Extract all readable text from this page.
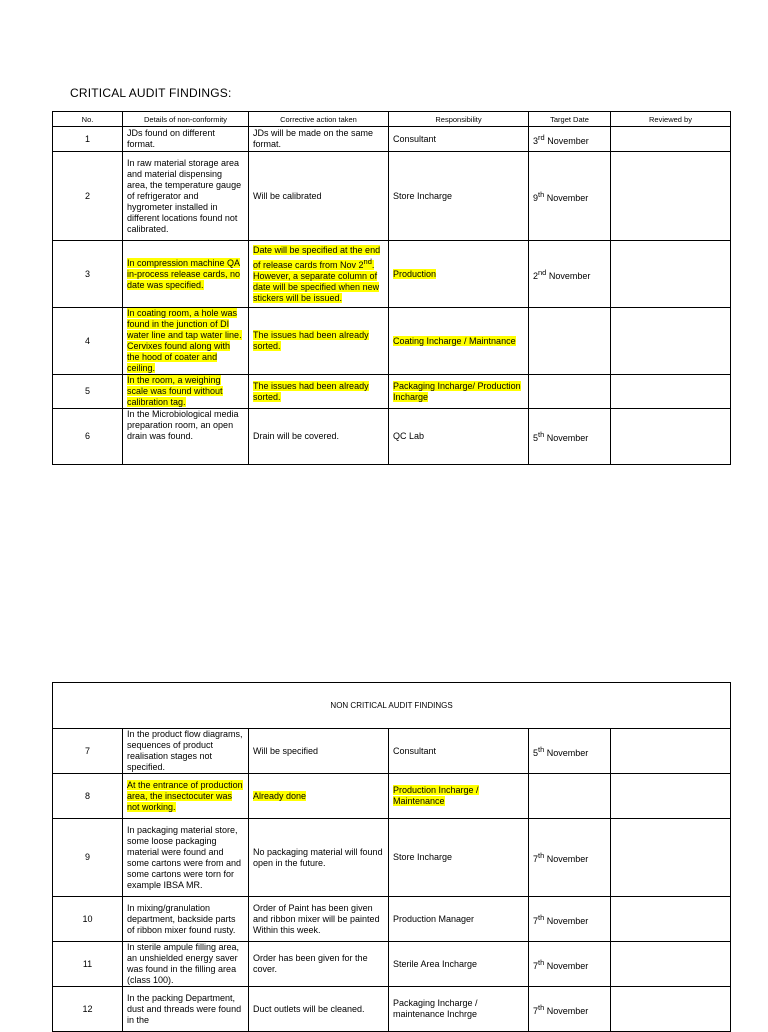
CRITICAL AUDIT FINDINGS:
No.	Details of non-conformity	Corrective action taken	Responsibility	Target Date	Reviewed by
1	JDs found on different format.	JDs will be made on the same format.	Consultant	3rd November	
2	In raw material storage area and material dispensing area, the temperature gauge of refrigerator and hygrometer installed in different locations found not calibrated.	Will be calibrated	Store Incharge	9th November	
3	In compression machine QA in-process release cards, no date was specified.	Date will be specified at the end of release cards from Nov 2nd. However, a separate column of date will be specified when new stickers will be issued.	Production	2nd November	
4	In coating room, a hole was found in the junction of DI water line and tap water line. Cervixes found along with the hood of coater and ceiling.	The issues had been already sorted.	Coating Incharge / Maintnance		
5	In the room, a weighing scale was found without calibration tag.	The issues had been already sorted.	Packaging Incharge/ Production Incharge		
6	In the Microbiological media preparation room, an open drain was found.	Drain will be covered.	QC Lab	5th November	
NON CRITICAL AUDIT FINDINGS					
7	In the product flow diagrams, sequences of product realisation stages not specified.	Will be specified	Consultant	5th November	
8	At the entrance of production area, the insectocuter was not working.	Already done	Production Incharge / Maintenance		
9	In packaging material store, some loose packaging material were found and some cartons were from and some cartons were torn for example IBSA MR.	No packaging material will found open in the future.	Store Incharge	7th November	
10	In mixing/granulation department, backside parts of ribbon mixer found rusty.	Order of Paint has been given and ribbon mixer will be painted Within this week.	Production Manager	7th November	
11	In sterile ampule filling area, an unshielded energy saver was found in the filling area (class 100).	Order has been given for the cover.	Sterile Area Incharge	7th November	
12	In the packing Department, dust and threads were found in the	Duct outlets will be cleaned.	Packaging Incharge / maintenance Inchrge	7th November	
